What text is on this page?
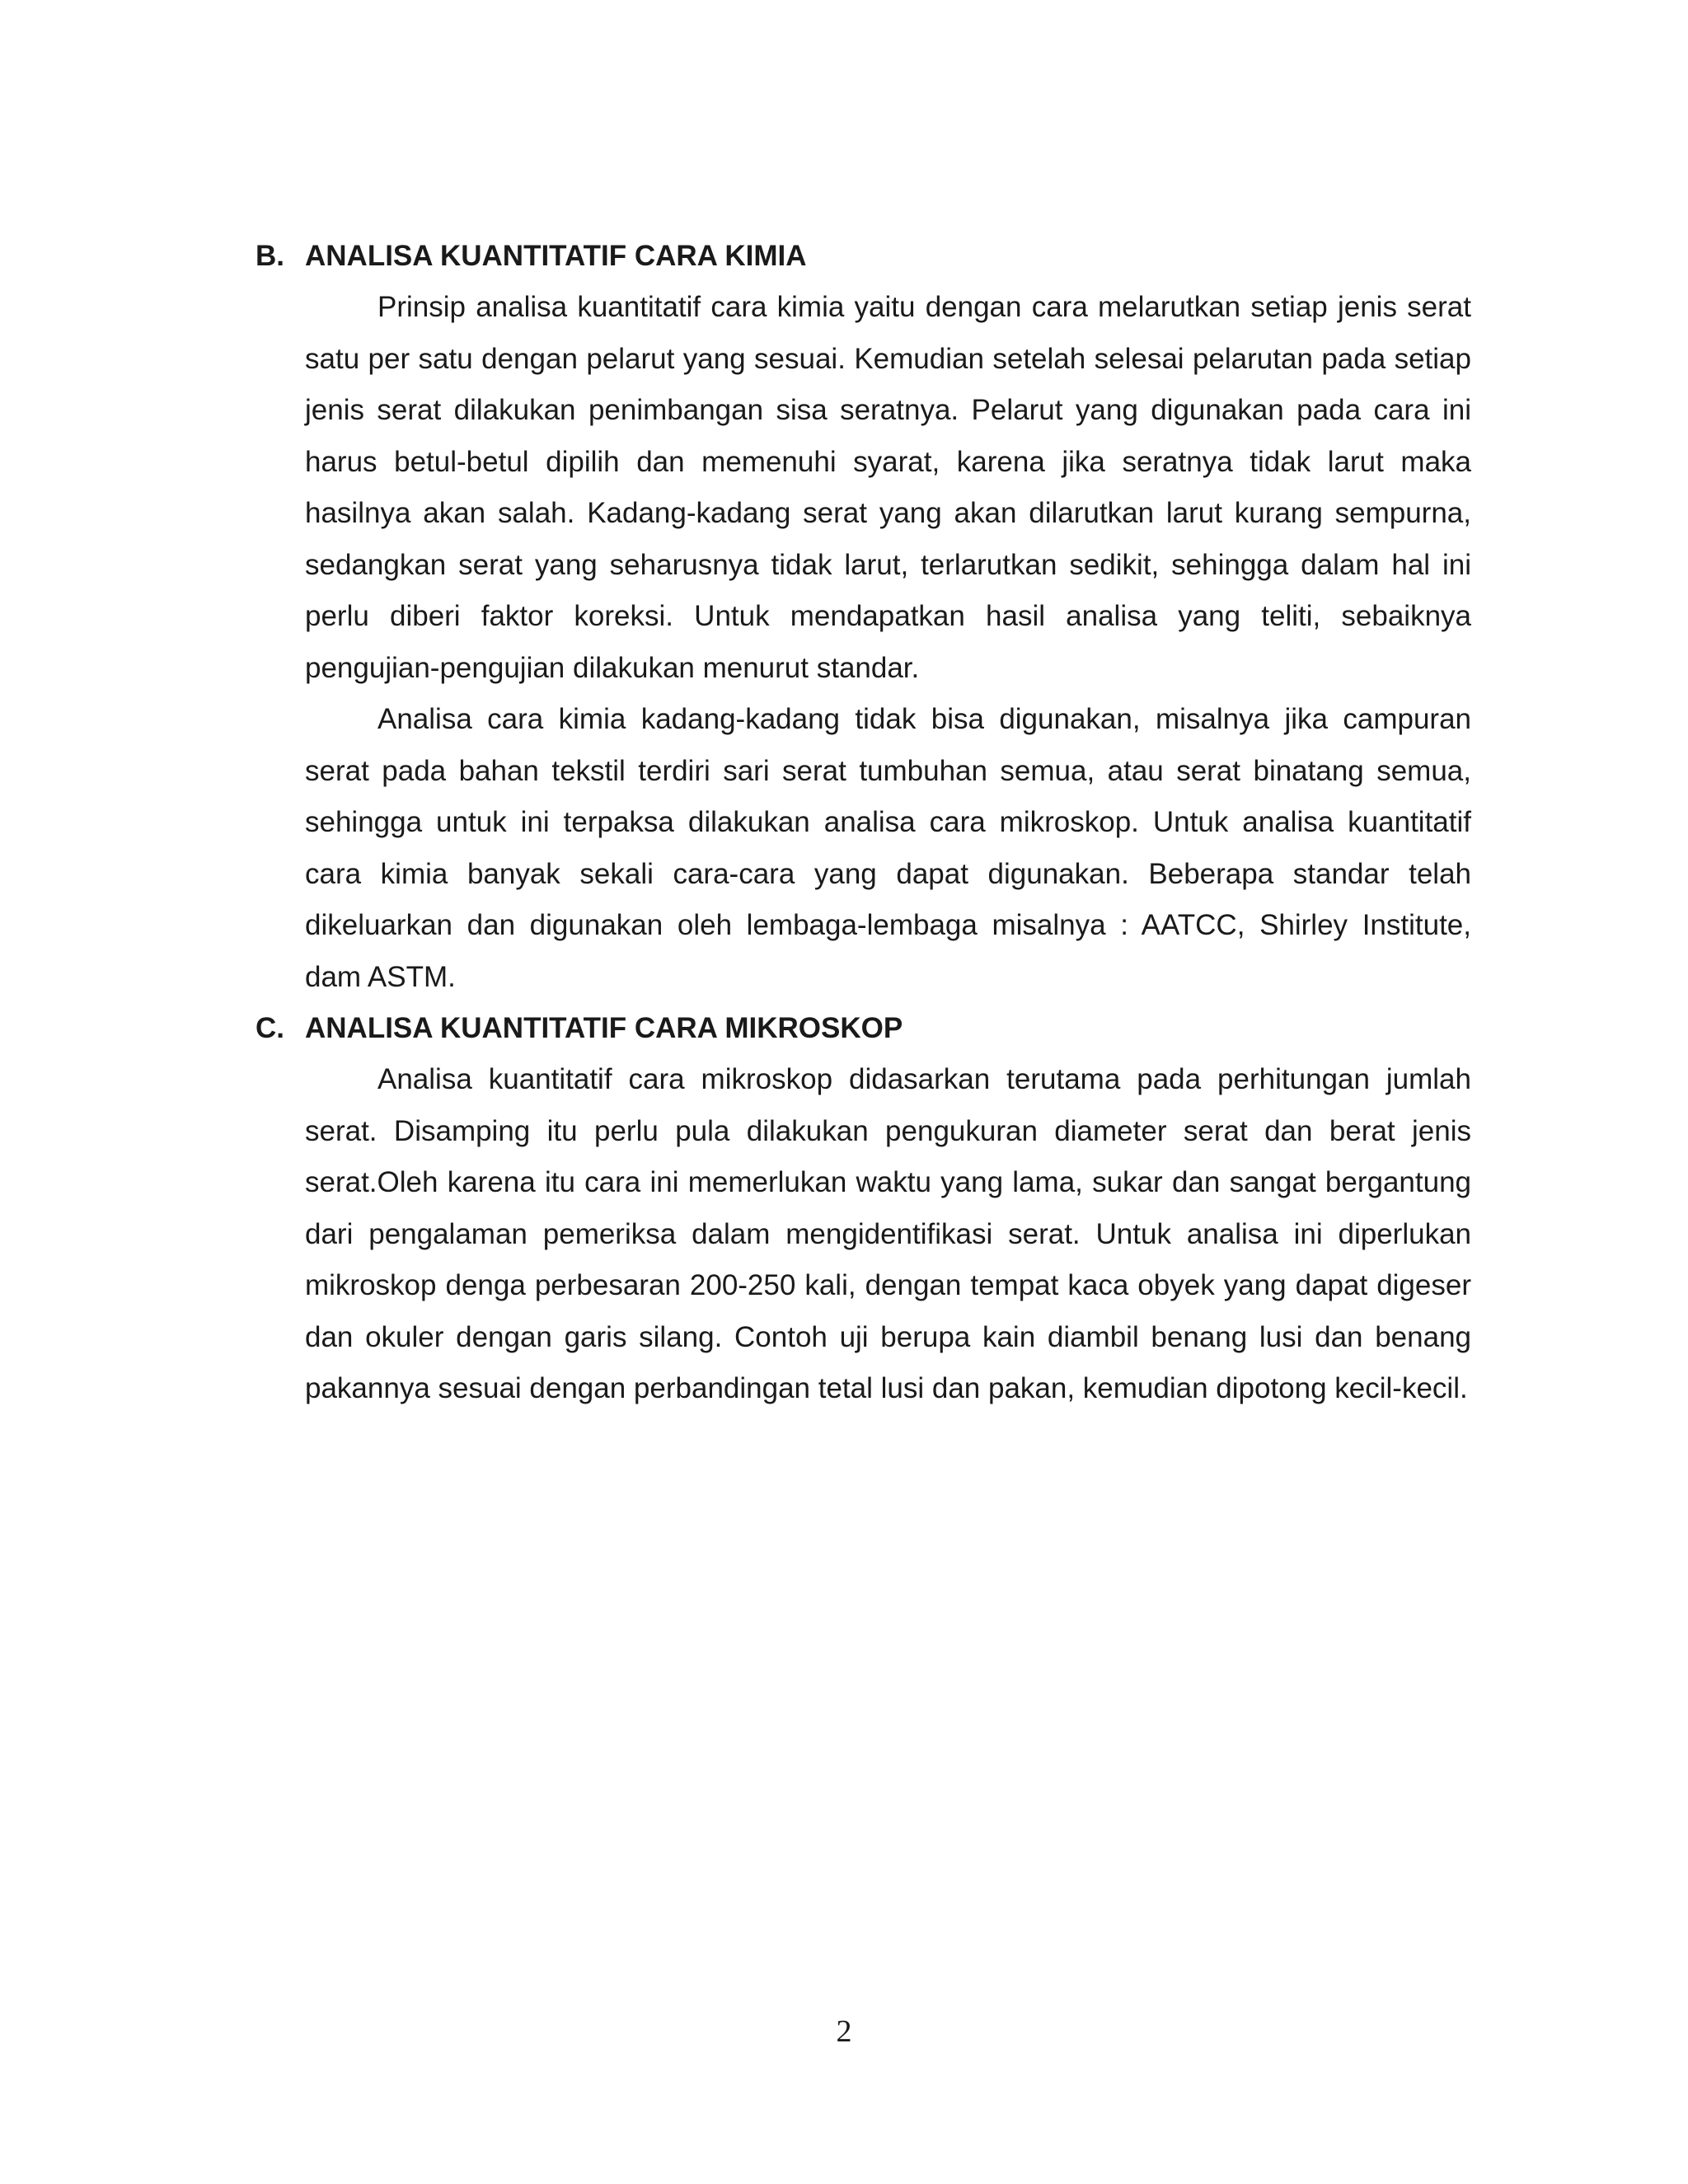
B. ANALISA KUANTITATIF CARA KIMIA

Prinsip analisa kuantitatif cara kimia yaitu dengan cara melarutkan setiap jenis serat satu per satu dengan pelarut yang sesuai. Kemudian setelah selesai pelarutan pada setiap jenis serat dilakukan penimbangan sisa seratnya. Pelarut yang digunakan pada cara ini harus betul-betul dipilih dan memenuhi syarat, karena jika seratnya tidak larut maka hasilnya akan salah. Kadang-kadang serat yang akan dilarutkan larut kurang sempurna, sedangkan serat yang seharusnya tidak larut, terlarutkan sedikit, sehingga dalam hal ini perlu diberi faktor koreksi. Untuk mendapatkan hasil analisa yang teliti, sebaiknya pengujian-pengujian dilakukan menurut standar.

Analisa cara kimia kadang-kadang tidak bisa digunakan, misalnya jika campuran serat pada bahan tekstil terdiri sari serat tumbuhan semua, atau serat binatang semua, sehingga untuk ini terpaksa dilakukan analisa cara mikroskop. Untuk analisa kuantitatif cara kimia banyak sekali cara-cara yang dapat digunakan. Beberapa standar telah dikeluarkan dan digunakan oleh lembaga-lembaga misalnya : AATCC, Shirley Institute, dam ASTM.

C. ANALISA KUANTITATIF CARA MIKROSKOP

Analisa kuantitatif cara mikroskop didasarkan terutama pada perhitungan jumlah serat. Disamping itu perlu pula dilakukan pengukuran diameter serat dan berat jenis serat.Oleh karena itu cara ini memerlukan waktu yang lama, sukar dan sangat bergantung dari pengalaman pemeriksa dalam mengidentifikasi serat. Untuk analisa ini diperlukan mikroskop denga perbesaran 200-250 kali, dengan tempat kaca obyek yang dapat digeser dan okuler dengan garis silang. Contoh uji berupa kain diambil benang lusi dan benang pakannya sesuai dengan perbandingan tetal lusi dan pakan, kemudian dipotong kecil-kecil.

2
